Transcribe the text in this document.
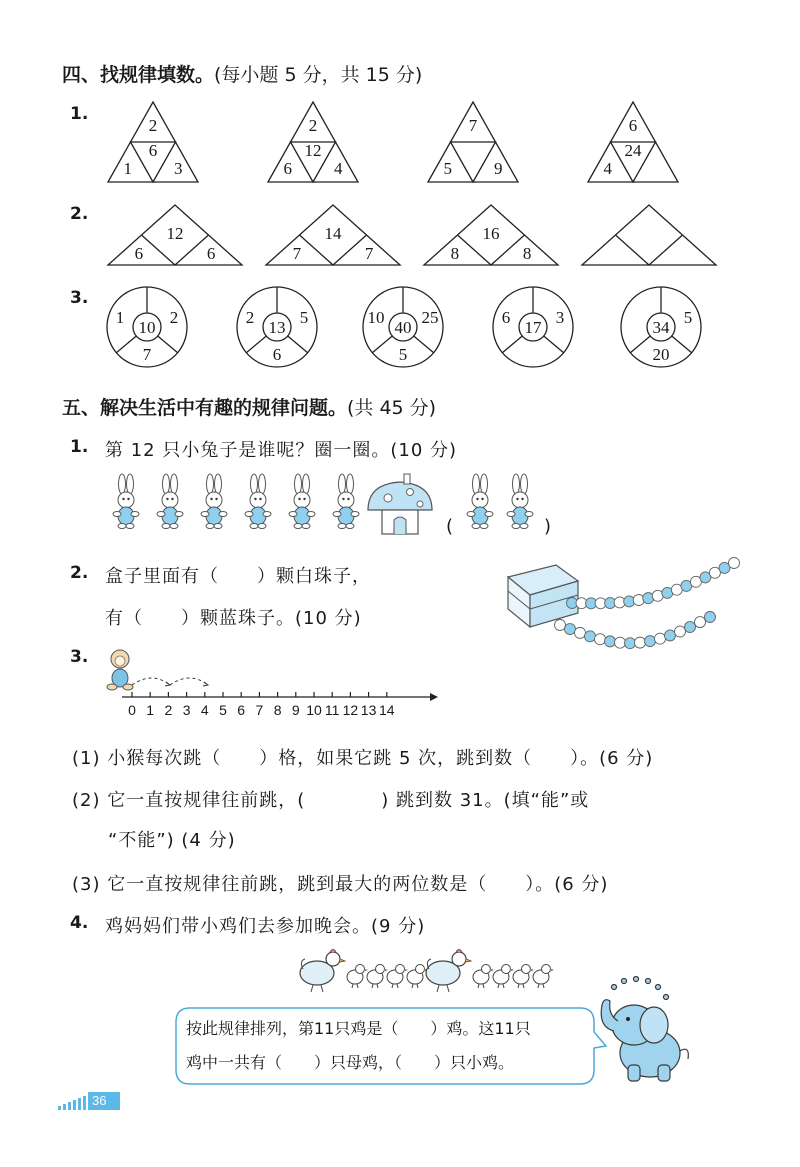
四、找规律填数。(每小题 5 分，共 15 分)
1.
2.
3.
2
6
1 3
2
12
6 4
7
5 9
6
24
4
12
6	6
14
7	7
16
8	8
10
1	2
7
13
2	5
6
40
10 25
5
17
6	3
34
5
20
五、解决生活中有趣的规律问题。(共 45 分)
1. 第 12 只小兔子是谁呢？圈一圈。(10 分)
(	)
2. 盒子里面有（　　）颗白珠子，
有（　　）颗蓝珠子。(10 分)
3.
0 1 2 3 4 5 6 7 8 9 10 11 12 13 14
(1) 小猴每次跳（　　）格，如果它跳 5 次，跳到数（　　）。(6 分)
(2) 它一直按规律往前跳，(　　　　) 跳到数 31。(填“能”或
“不能”) (4 分)
(3) 它一直按规律往前跳，跳到最大的两位数是（　　）。(6 分)
4. 鸡妈妈们带小鸡们去参加晚会。(9 分)
按此规律排列，第11只鸡是（　　）鸡。这11只
鸡中一共有（　　）只母鸡，（　　）只小鸡。
36
